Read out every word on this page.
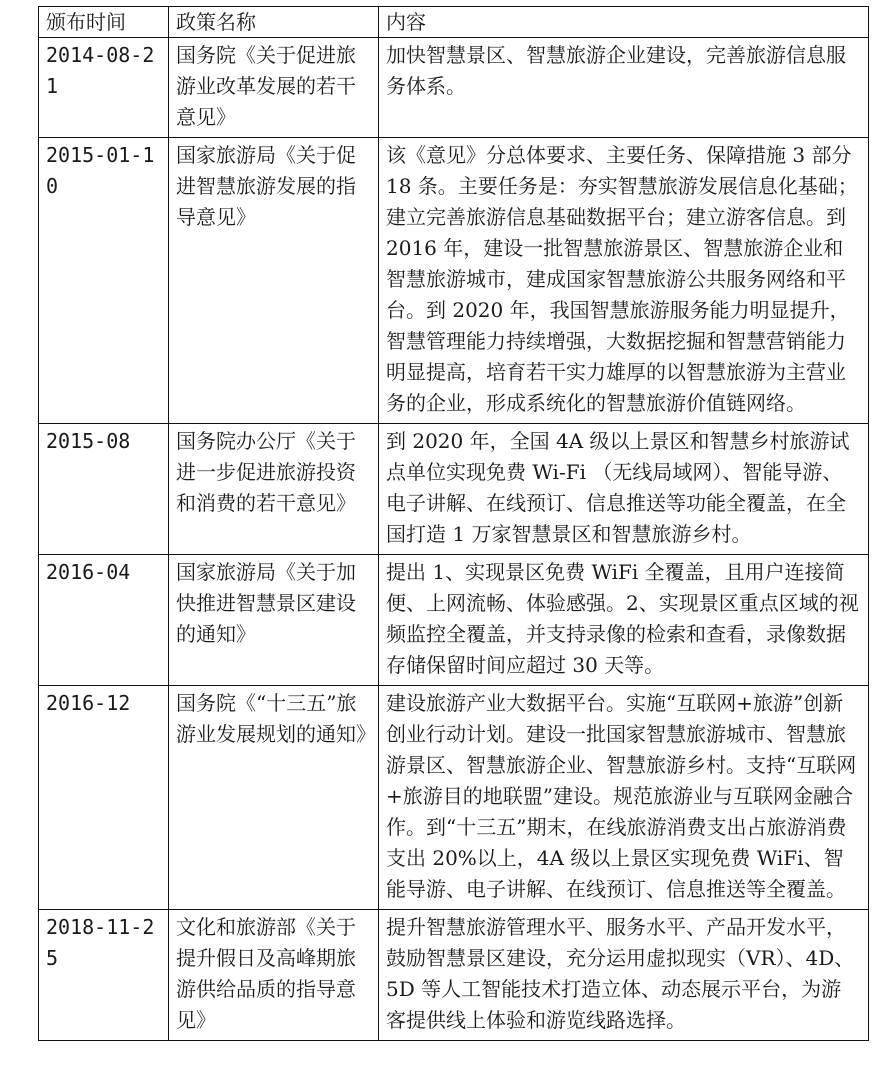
颁布时间	政策名称	内容
2014-08-21	国务院《关于促进旅游业改革发展的若干意见》	加快智慧景区、智慧旅游企业建设，完善旅游信息服务体系。
2015-01-10	国家旅游局《关于促进智慧旅游发展的指导意见》	该《意见》分总体要求、主要任务、保障措施 3 部分 18 条。主要任务是：夯实智慧旅游发展信息化基础；建立完善旅游信息基础数据平台；建立游客信息。到 2016 年，建设一批智慧旅游景区、智慧旅游企业和智慧旅游城市，建成国家智慧旅游公共服务网络和平台。到 2020 年，我国智慧旅游服务能力明显提升，智慧管理能力持续增强，大数据挖掘和智慧营销能力明显提高，培育若干实力雄厚的以智慧旅游为主营业务的企业，形成系统化的智慧旅游价值链网络。
2015-08	国务院办公厅《关于进一步促进旅游投资和消费的若干意见》	到 2020 年，全国 4A 级以上景区和智慧乡村旅游试点单位实现免费 Wi-Fi （无线局域网）、智能导游、电子讲解、在线预订、信息推送等功能全覆盖，在全国打造 1 万家智慧景区和智慧旅游乡村。
2016-04	国家旅游局《关于加快推进智慧景区建设的通知》	提出 1、实现景区免费 WiFi 全覆盖，且用户连接简便、上网流畅、体验感强。2、实现景区重点区域的视频监控全覆盖，并支持录像的检索和查看，录像数据存储保留时间应超过 30 天等。
2016-12	国务院《“十三五”旅游业发展规划的通知》	建设旅游产业大数据平台。实施“互联网+旅游”创新创业行动计划。建设一批国家智慧旅游城市、智慧旅游景区、智慧旅游企业、智慧旅游乡村。支持“互联网+旅游目的地联盟”建设。规范旅游业与互联网金融合作。到“十三五”期末，在线旅游消费支出占旅游消费支出 20%以上，4A 级以上景区实现免费 WiFi、智能导游、电子讲解、在线预订、信息推送等全覆盖。
2018-11-25	文化和旅游部《关于提升假日及高峰期旅游供给品质的指导意见》	提升智慧旅游管理水平、服务水平、产品开发水平，鼓励智慧景区建设，充分运用虚拟现实（VR）、4D、5D 等人工智能技术打造立体、动态展示平台，为游客提供线上体验和游览线路选择。
